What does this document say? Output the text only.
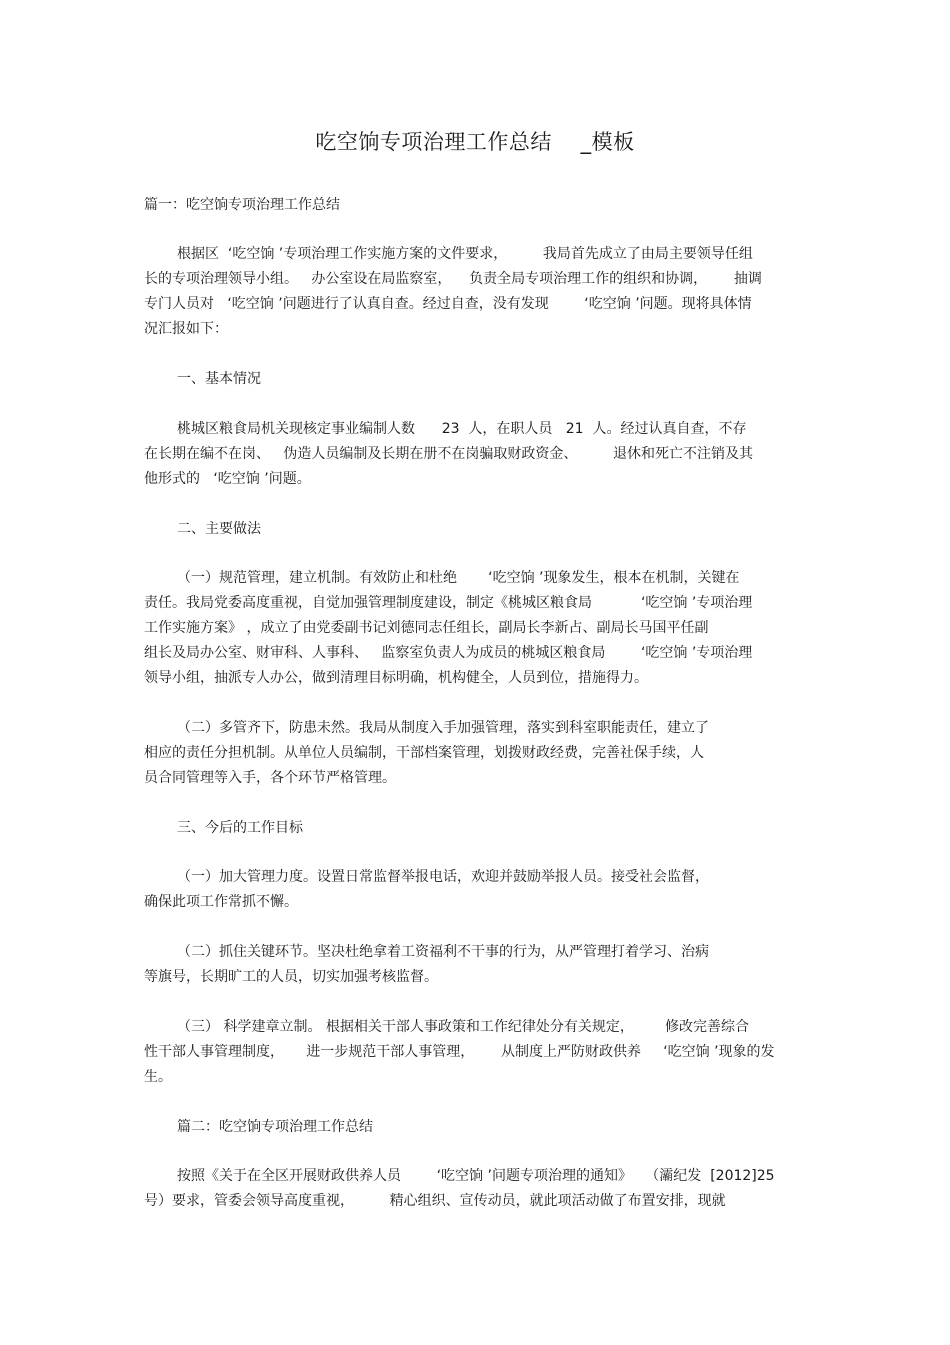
吃空饷专项治理工作总结    _模板
篇一：吃空饷专项治理工作总结
根据区  ‘吃空饷 ’专项治理工作实施方案的文件要求，        我局首先成立了由局主要领导任组
长的专项治理领导小组。   办公室设在局监察室，    负责全局专项治理工作的组织和协调，      抽调
专门人员对   ‘吃空饷 ’问题进行了认真自查。经过自查，没有发现        ‘吃空饷 ’问题。现将具体情
况汇报如下：
一、基本情况
桃城区粮食局机关现核定事业编制人数      23  人，在职人员   21  人。经过认真自查，不存
在长期在编不在岗、   伪造人员编制及长期在册不在岗骗取财政资金、        退休和死亡不注销及其
他形式的   ‘吃空饷 ’问题。
二、主要做法
（一）规范管理，建立机制。有效防止和杜绝       ‘吃空饷 ’现象发生，根本在机制，关键在
责任。我局党委高度重视，自觉加强管理制度建设，制定《桃城区粮食局           ‘吃空饷 ’专项治理
工作实施方案》 ，成立了由党委副书记刘德同志任组长，副局长李新占、副局长马国平任副
组长及局办公室、财审科、人事科、   监察室负责人为成员的桃城区粮食局        ‘吃空饷 ’专项治理
领导小组，抽派专人办公，做到清理目标明确，机构健全，人员到位，措施得力。
（二）多管齐下，防患未然。我局从制度入手加强管理，落实到科室职能责任，建立了
相应的责任分担机制。从单位人员编制，干部档案管理，划拨财政经费，完善社保手续，人
员合同管理等入手，各个环节严格管理。
三、今后的工作目标
（一）加大管理力度。设置日常监督举报电话，欢迎并鼓励举报人员。接受社会监督，
确保此项工作常抓不懈。
（二）抓住关键环节。坚决杜绝拿着工资福利不干事的行为，从严管理打着学习、治病
等旗号，长期旷工的人员，切实加强考核监督。
（三） 科学建章立制。 根据相关干部人事政策和工作纪律处分有关规定，       修改完善综合
性干部人事管理制度，     进一步规范干部人事管理，      从制度上严防财政供养     ‘吃空饷 ’现象的发
生。
篇二：吃空饷专项治理工作总结
按照《关于在全区开展财政供养人员        ‘吃空饷 ’问题专项治理的通知》   （灞纪发  [2012]25
号）要求，管委会领导高度重视，        精心组织、宣传动员，就此项活动做了布置安排，现就
